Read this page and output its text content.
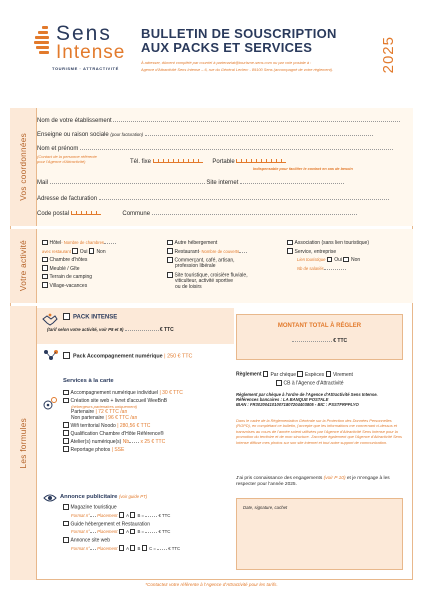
Sens
Intense
TOURISME · ATTRACTIVITÉ
BULLETIN DE SOUSCRIPTION
AUX PACKS ET SERVICES	2025
À adresser, dûment complété par courriel à partenariat@tourisme-sens.com ou par voie postale à :
Agence d'Attractivité Sens Intense – 6, rue du Général Leclerc - 89100 Sens (accompagné de votre règlement).
Vos coordonnées
Nom de votre établissement
Enseigne ou raison sociale (pour facturation)
Nom et prénom
(Contact de la personne référente
pour l'Agence d'Attractivité)	Tél. fixe	Portable
Indispensable pour faciliter le contact en cas de besoin
Mail	Site internet
Adresse de facturation
Code postal	Commune
Votre activité	Hôtel- Nombre de chambres
avec restaurant Oui Non
Chambre d'hôtes
Meublé / Gîte
Terrain de camping
Village-vacances
Autre hébergement
Restaurant- Nombre de couverts
Commerçant, café, artisan,
profession libérale
Site touristique, croisière fluviale,
viticulteur, activité sportive
ou de loisirs
Association (sans lien touristique)
Service, entreprise
Lien touristique Oui Non
Nb de salariés
Les formules
PACK INTENSE
(tarif selon votre activité, voir P8 et 9)	€ TTC
Pack Accompagnement numérique | 250 € TTC
Services à la carte
Accompagnement numérique individuel | 30 € TTC
Création site web + livret d'accueil WeeBnB
(hébergeurs partenaires uniquement)
Partenaire | 72 € TTC /an
Non partenaire | 96 € TTC /an
Wifi territorial Noodo | 280,56 € TTC
Qualification Chambre d'Hôte Référence®
Atelier(s) numérique(s) Nb x 25 € TTC
Reportage photos | SSE
Annonce publicitaire (voir guide PT)
Magazine touristique
Format n° Placement A B =	€ TTC
Guide hébergement et Restauration
Format n° Placement A B =	€ TTC
Annonce site web
Format n° Placement A B C =	€ TTC
MONTANT TOTAL À RÉGLER
€ TTC
Règlement Par chèque Espèces Virement
CB à l'Agence d'Attractivité
Règlement par chèque à l'ordre de l'Agence d'Attractivité Sens Intense.
Références bancaires : LA BANQUE POSTALE
IBAN : FR3020041010071807204403805 - BIC : PSSTFRPPLYO
Dans le cadre de la Réglementation Générale sur la Protection des Données Personnelles (RGPD), en complétant ce bulletin, j'accepte que les informations me concernant ci-dessus et transmises au cours de l'année soient utilisées par l'Agence d'Attractivité Sens Intense pour la promotion du territoire et de mon structure. J'accepte également que l'Agence d'Attractivité Sens Intense diffuse mes photos sur son site internet et tout autre support de communication.
J'ai pris connaissance des engagements (voir P 10) et je m'engage à les respecter pour l'année 2025.
Date, signature, cachet
*Contactez votre référente à l'Agence d'Attractivité pour les tarifs.
